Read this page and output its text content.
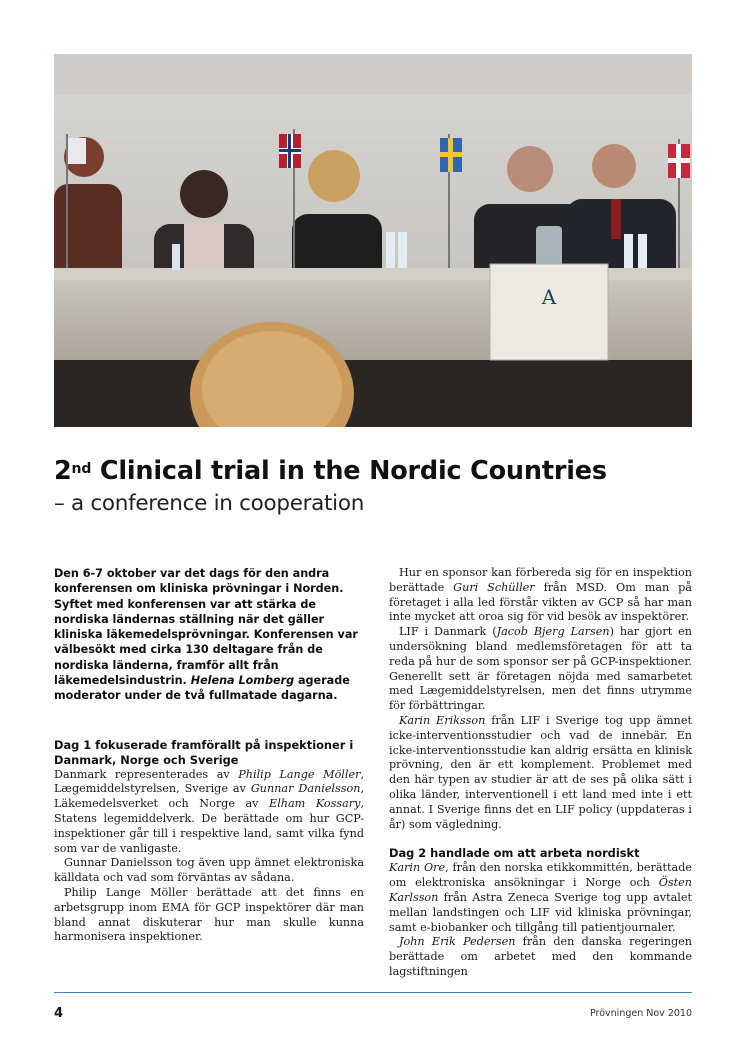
A
2nd Clinical trial in the Nordic Countries

– a conference in cooperation

Den 6-7 oktober var det dags för den andra konferensen om kliniska prövningar i Norden. Syftet med konferensen var att stärka de nordiska ländernas ställning när det gäller kliniska läkemedelsprövningar. Konferensen var välbesökt med cirka 130 deltagare från de nordiska länderna, framför allt från läkemedelsindustrin. Helena Lomberg agerade moderator under de två fullmatade dagarna.

Dag 1 fokuserade framförallt på inspektioner i Danmark, Norge och Sverige

Danmark representerades av Philip Lange Möller, Lægemiddelstyrelsen, Sverige av Gunnar Danielsson, Läkemedelsverket och Norge av Elham Kossary, Statens legemiddelverk. De berättade om hur GCP-inspektioner går till i respektive land, samt vilka fynd som var de vanligaste.

Gunnar Danielsson tog även upp ämnet elektroniska källdata och vad som förväntas av sådana.

Philip Lange Möller berättade att det finns en arbetsgrupp inom EMA för GCP inspektörer där man bland annat diskuterar hur man skulle kunna harmonisera inspektioner.

Hur en sponsor kan förbereda sig för en inspektion berättade Guri Schüller från MSD. Om man på företaget i alla led förstår vikten av GCP så har man inte mycket att oroa sig för vid besök av inspektörer.

LIF i Danmark (Jacob Bjerg Larsen) har gjort en undersökning bland medlemsföretagen för att ta reda på hur de som sponsor ser på GCP-inspektioner. Generellt sett är företagen nöjda med samarbetet med Lægemiddelstyrelsen, men det finns utrymme för förbättringar.

Karin Eriksson från LIF i Sverige tog upp ämnet icke-interventionsstudier och vad de innebär. En icke-interventionsstudie kan aldrig ersätta en klinisk prövning, den är ett komplement. Problemet med den här typen av studier är att de ses på olika sätt i olika länder, interventionell i ett land med inte i ett annat. I Sverige finns det en LIF policy (uppdateras i år) som vägledning.

Dag 2 handlade om att arbeta nordiskt

Karin Ore, från den norska etikkommittén, berättade om elektroniska ansökningar i Norge och Östen Karlsson från Astra Zeneca Sverige tog upp avtalet mellan landstingen och LIF vid kliniska prövningar, samt e-biobanker och tillgång till patientjournaler.

John Erik Pedersen från den danska regeringen berättade om arbetet med den kommande lagstiftningen

4	Prövningen Nov 2010
